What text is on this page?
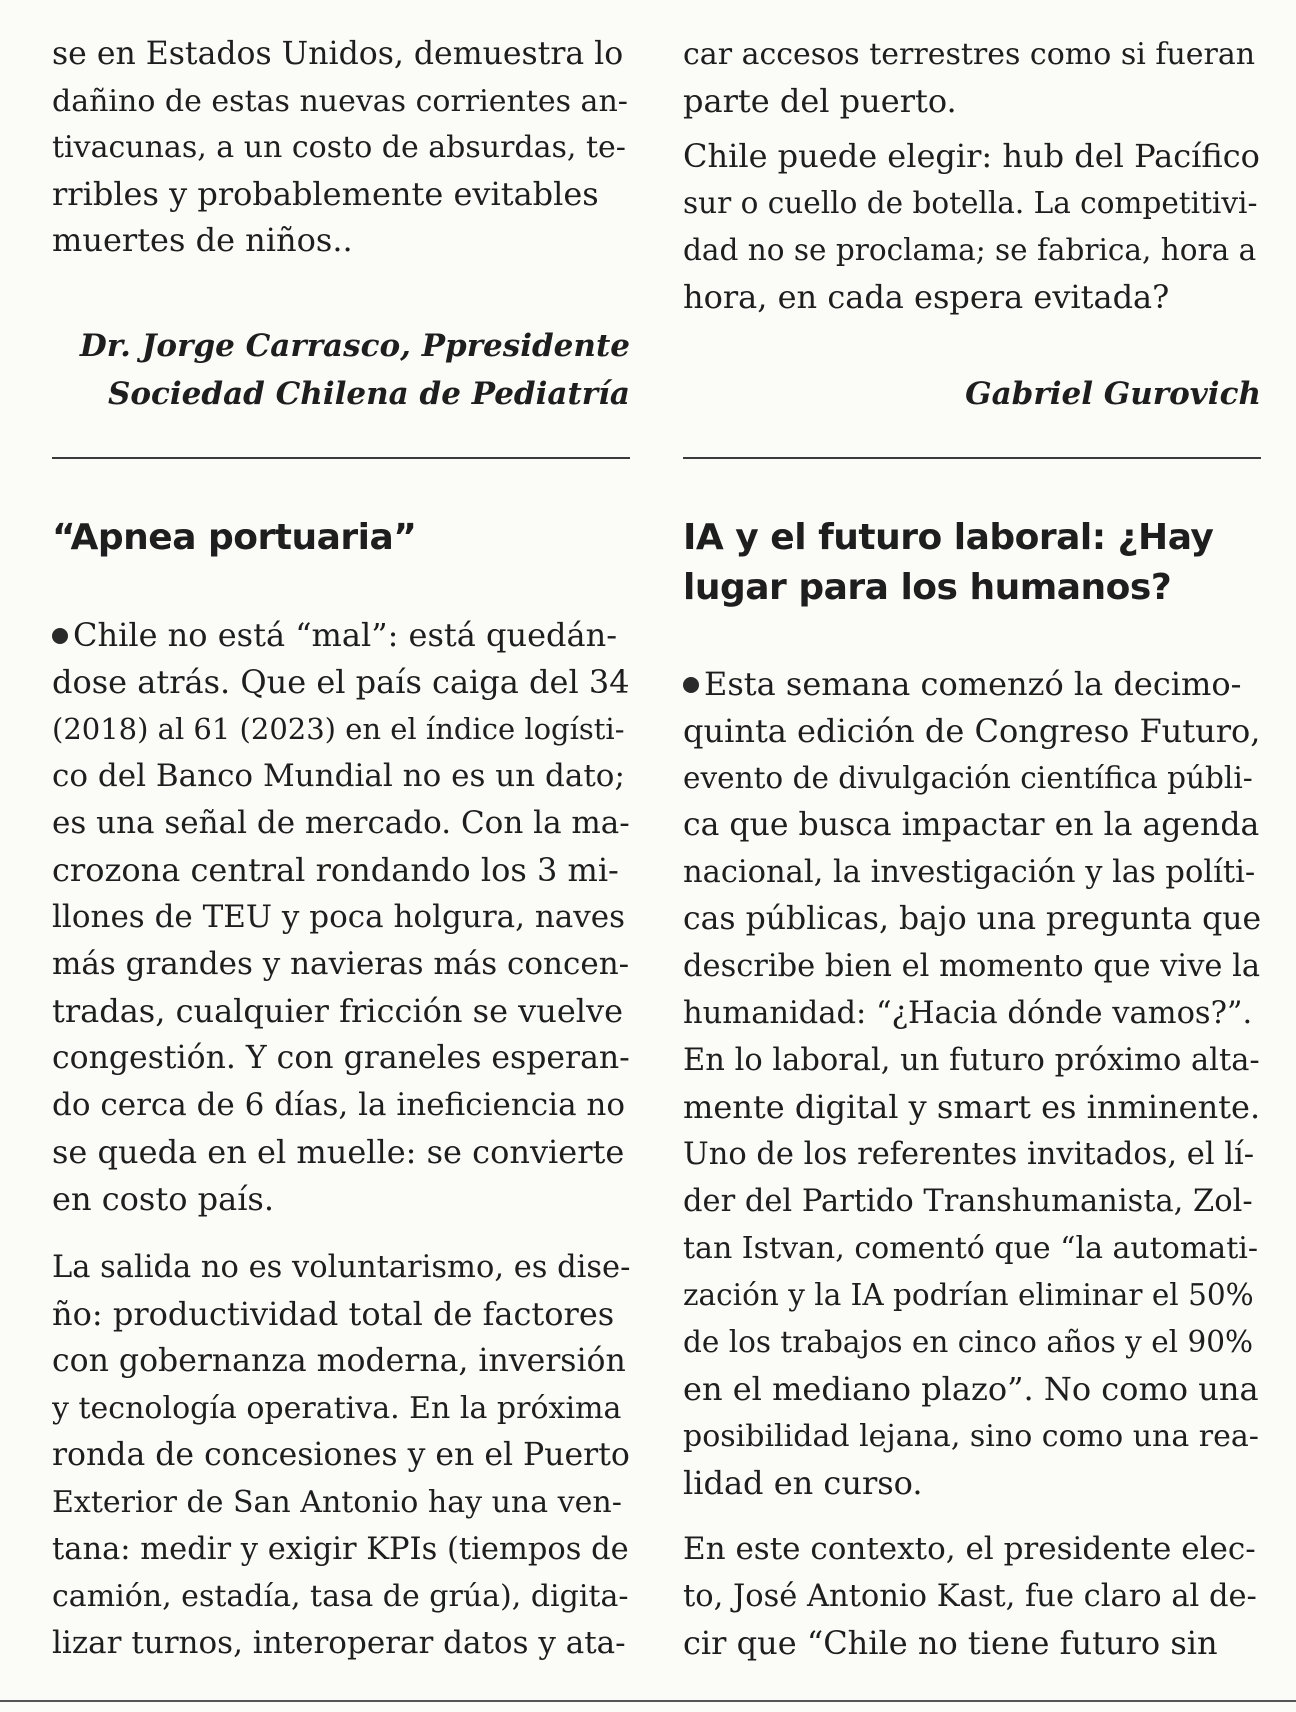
se en Estados Unidos, demuestra lo
dañino de estas nuevas corrientes an-
tivacunas, a un costo de absurdas, te-
rribles y probablemente evitables
muertes de niños..
Dr. Jorge Carrasco, Ppresidente
Sociedad Chilena de Pediatría
“Apnea portuaria”
Chile no está “mal”: está quedán-
dose atrás. Que el país caiga del 34
(2018) al 61 (2023) en el índice logísti-
co del Banco Mundial no es un dato;
es una señal de mercado. Con la ma-
crozona central rondando los 3 mi-
llones de TEU y poca holgura, naves
más grandes y navieras más concen-
tradas, cualquier fricción se vuelve
congestión. Y con graneles esperan-
do cerca de 6 días, la ineficiencia no
se queda en el muelle: se convierte
en costo país.
La salida no es voluntarismo, es dise-
ño: productividad total de factores
con gobernanza moderna, inversión
y tecnología operativa. En la próxima
ronda de concesiones y en el Puerto
Exterior de San Antonio hay una ven-
tana: medir y exigir KPIs (tiempos de
camión, estadía, tasa de grúa), digita-
lizar turnos, interoperar datos y ata-
car accesos terrestres como si fueran
parte del puerto.
Chile puede elegir: hub del Pacífico
sur o cuello de botella. La competitivi-
dad no se proclama; se fabrica, hora a
hora, en cada espera evitada?
Gabriel Gurovich
IA y el futuro laboral: ¿Hay
lugar para los humanos?
Esta semana comenzó la decimo-
quinta edición de Congreso Futuro,
evento de divulgación científica públi-
ca que busca impactar en la agenda
nacional, la investigación y las políti-
cas públicas, bajo una pregunta que
describe bien el momento que vive la
humanidad: “¿Hacia dónde vamos?”.
En lo laboral, un futuro próximo alta-
mente digital y smart es inminente.
Uno de los referentes invitados, el lí-
der del Partido Transhumanista, Zol-
tan Istvan, comentó que “la automati-
zación y la IA podrían eliminar el 50%
de los trabajos en cinco años y el 90%
en el mediano plazo”. No como una
posibilidad lejana, sino como una rea-
lidad en curso.
En este contexto, el presidente elec-
to, José Antonio Kast, fue claro al de-
cir que “Chile no tiene futuro sin
